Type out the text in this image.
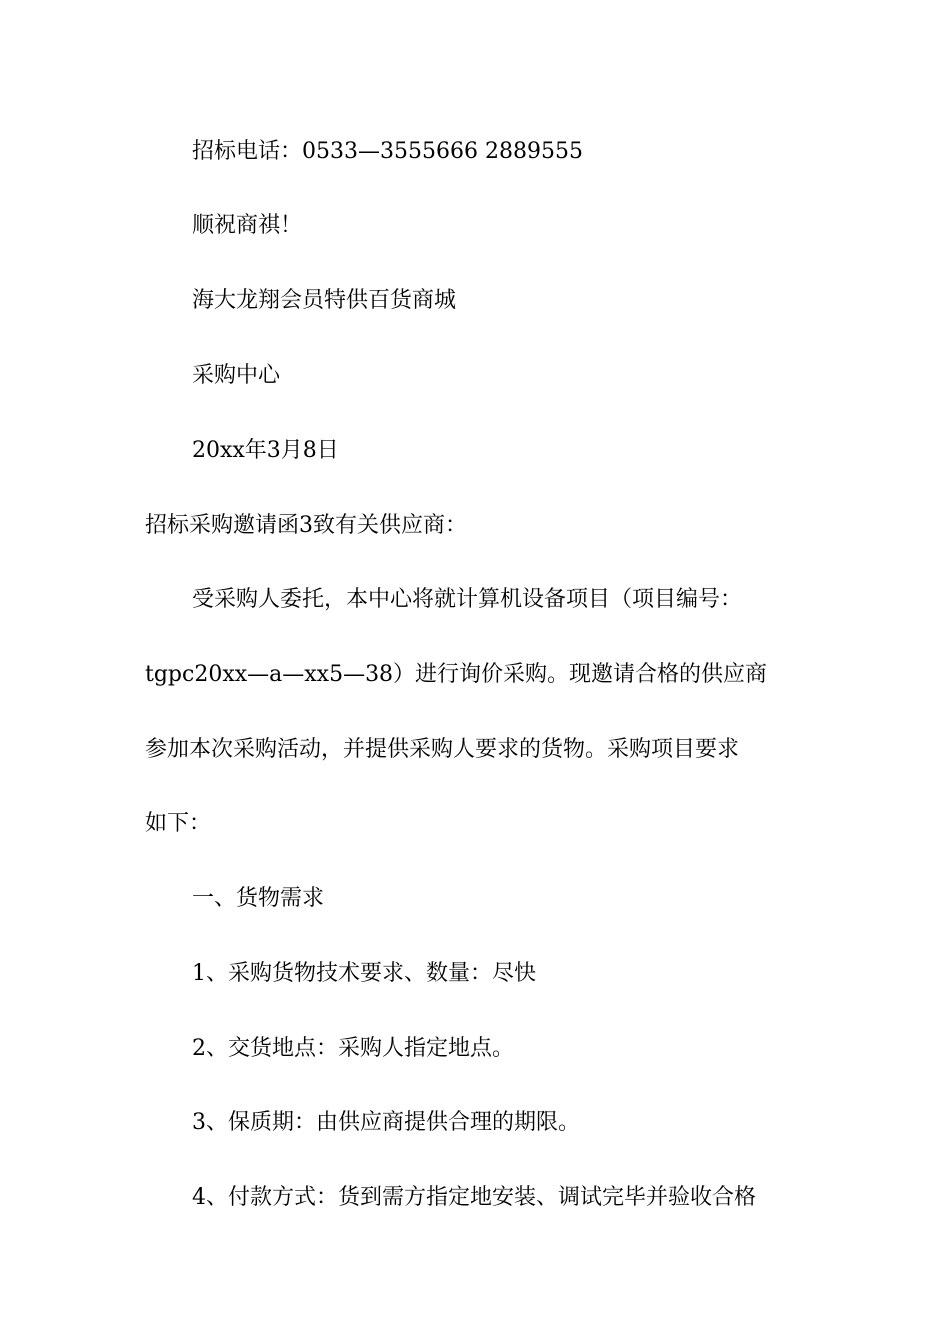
招标电话：0533—3555666 2889555
顺祝商祺！
海大龙翔会员特供百货商城
采购中心
20xx年3月8日
招标采购邀请函3致有关供应商：
受采购人委托，本中心将就计算机设备项目（项目编号：
tgpc20xx—a—xx5—38）进行询价采购。现邀请合格的供应商
参加本次采购活动，并提供采购人要求的货物。采购项目要求
如下：
一、货物需求
1、采购货物技术要求、数量：尽快
2、交货地点：采购人指定地点。
3、保质期：由供应商提供合理的期限。
4、付款方式：货到需方指定地安装、调试完毕并验收合格
